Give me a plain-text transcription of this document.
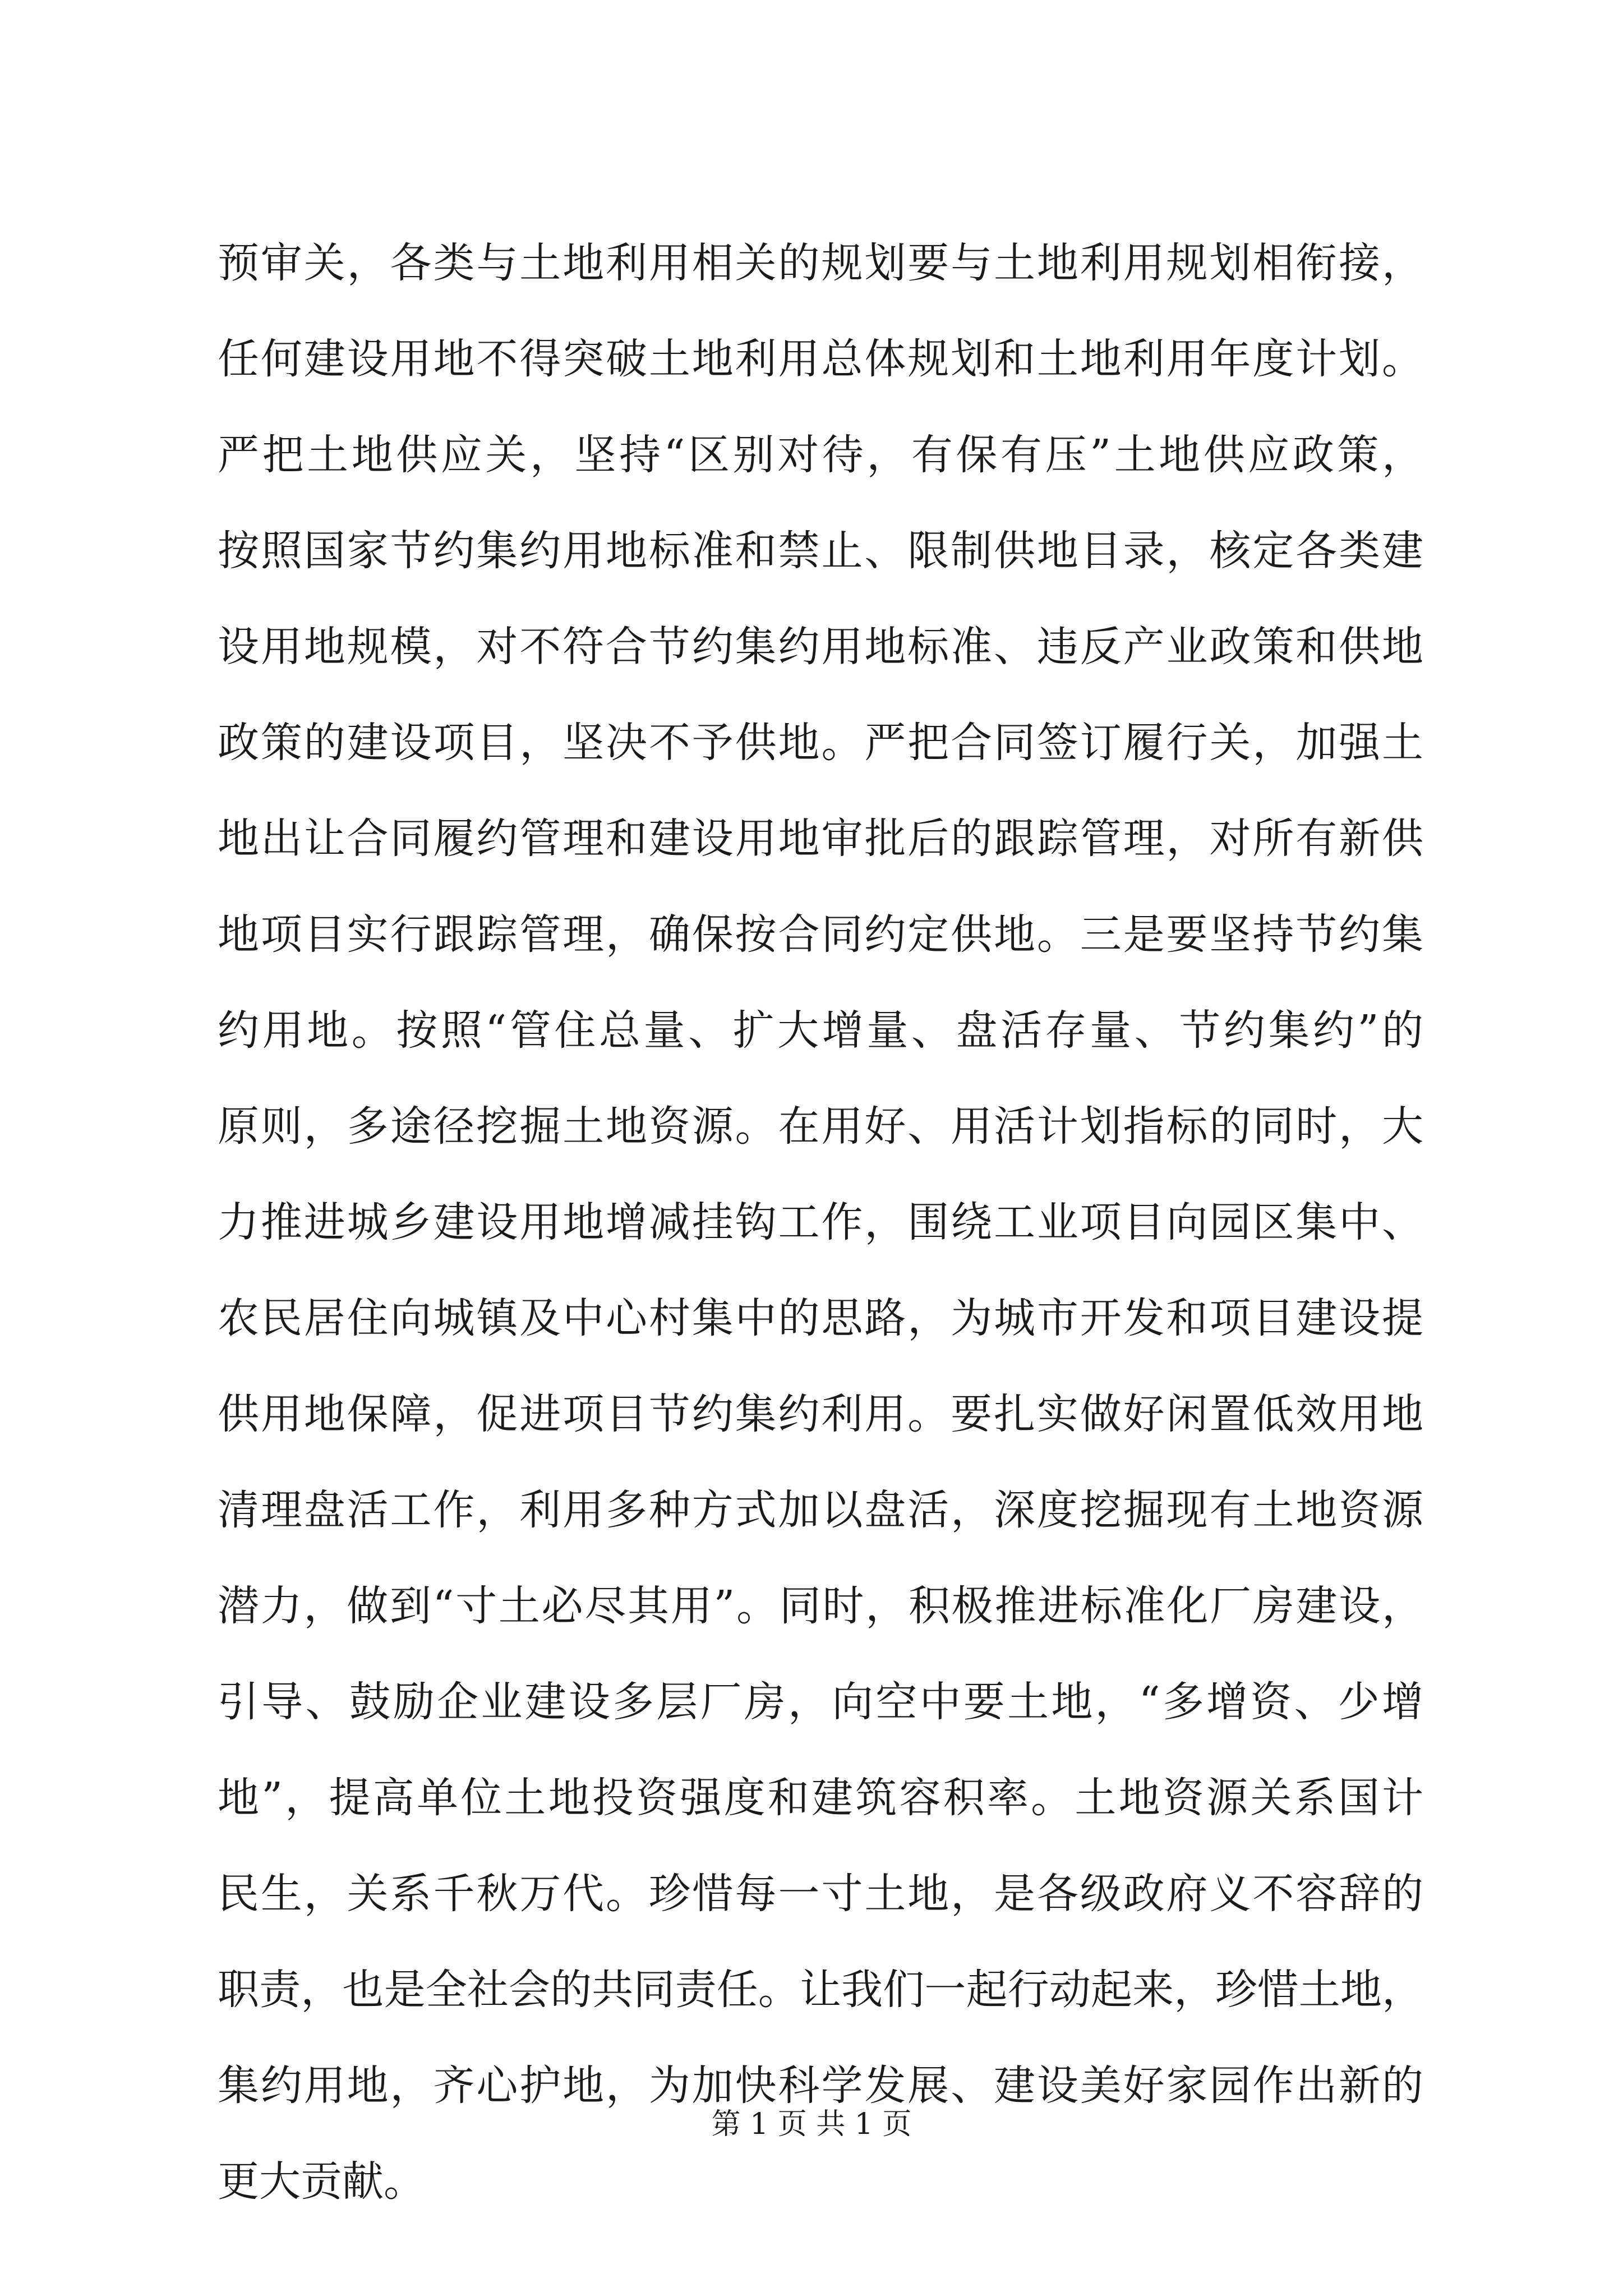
预审关，各类与土地利用相关的规划要与土地利用规划相衔接，
任何建设用地不得突破土地利用总体规划和土地利用年度计划。
严把土地供应关，坚持“区别对待，有保有压”土地供应政策，
按照国家节约集约用地标准和禁止、限制供地目录，核定各类建
设用地规模，对不符合节约集约用地标准、违反产业政策和供地
政策的建设项目，坚决不予供地。严把合同签订履行关，加强土
地出让合同履约管理和建设用地审批后的跟踪管理，对所有新供
地项目实行跟踪管理，确保按合同约定供地。三是要坚持节约集
约用地。按照“管住总量、扩大增量、盘活存量、节约集约”的
原则，多途径挖掘土地资源。在用好、用活计划指标的同时，大
力推进城乡建设用地增减挂钩工作，围绕工业项目向园区集中、
农民居住向城镇及中心村集中的思路，为城市开发和项目建设提
供用地保障，促进项目节约集约利用。要扎实做好闲置低效用地
清理盘活工作，利用多种方式加以盘活，深度挖掘现有土地资源
潜力，做到“寸土必尽其用”。同时，积极推进标准化厂房建设，
引导、鼓励企业建设多层厂房，向空中要土地，“多增资、少增
地”，提高单位土地投资强度和建筑容积率。土地资源关系国计
民生，关系千秋万代。珍惜每一寸土地，是各级政府义不容辞的
职责，也是全社会的共同责任。让我们一起行动起来，珍惜土地，
集约用地，齐心护地，为加快科学发展、建设美好家园作出新的
更大贡献。
第 1 页 共 1 页
